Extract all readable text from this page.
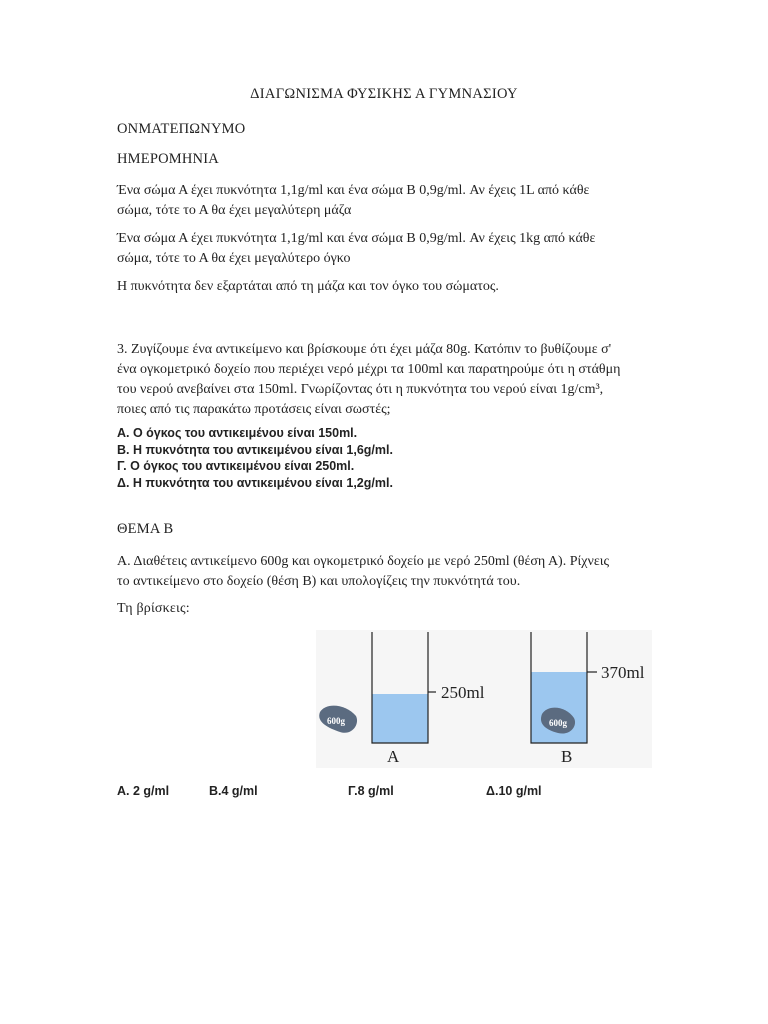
ΔΙΑΓΩΝΙΣΜΑ ΦΥΣΙΚΗΣ Α ΓΥΜΝΑΣΙΟΥ
ΟΝΜΑΤΕΠΩΝΥΜΟ
ΗΜΕΡΟΜΗΝΙΑ
Ένα σώμα Α έχει πυκνότητα 1,1g/ml και ένα σώμα Β 0,9g/ml. Αν έχεις 1L από κάθε
σώμα, τότε το Α θα έχει μεγαλύτερη μάζα
Ένα σώμα Α έχει πυκνότητα 1,1g/ml και ένα σώμα Β 0,9g/ml. Αν έχεις 1kg από κάθε
σώμα, τότε το Α θα έχει μεγαλύτερο όγκο
Η πυκνότητα δεν εξαρτάται από τη μάζα και τον όγκο του σώματος.
3. Ζυγίζουμε ένα αντικείμενο και βρίσκουμε ότι έχει μάζα 80g. Κατόπιν το βυθίζουμε σ'
ένα ογκομετρικό δοχείο που περιέχει νερό μέχρι τα 100ml και παρατηρούμε ότι η στάθμη
του νερού ανεβαίνει στα 150ml. Γνωρίζοντας ότι η πυκνότητα του νερού είναι 1g/cm³,
ποιες από τις παρακάτω προτάσεις είναι σωστές;
Α. Ο όγκος του αντικειμένου είναι 150ml.
Β. Η πυκνότητα του αντικειμένου είναι 1,6g/ml.
Γ. Ο όγκος του αντικειμένου είναι 250ml.
Δ. Η πυκνότητα του αντικειμένου είναι 1,2g/ml.
ΘΕΜΑ Β
Α. Διαθέτεις αντικείμενο 600g και ογκομετρικό δοχείο με νερό 250ml (θέση Α). Ρίχνεις
το αντικείμενο στο δοχείο (θέση Β) και υπολογίζεις την πυκνότητά του.
Τη βρίσκεις:
250ml
Α
600g
370ml
600g
Β
Α. 2 g/ml	Β.4 g/ml	Γ.8 g/ml	Δ.10 g/ml
